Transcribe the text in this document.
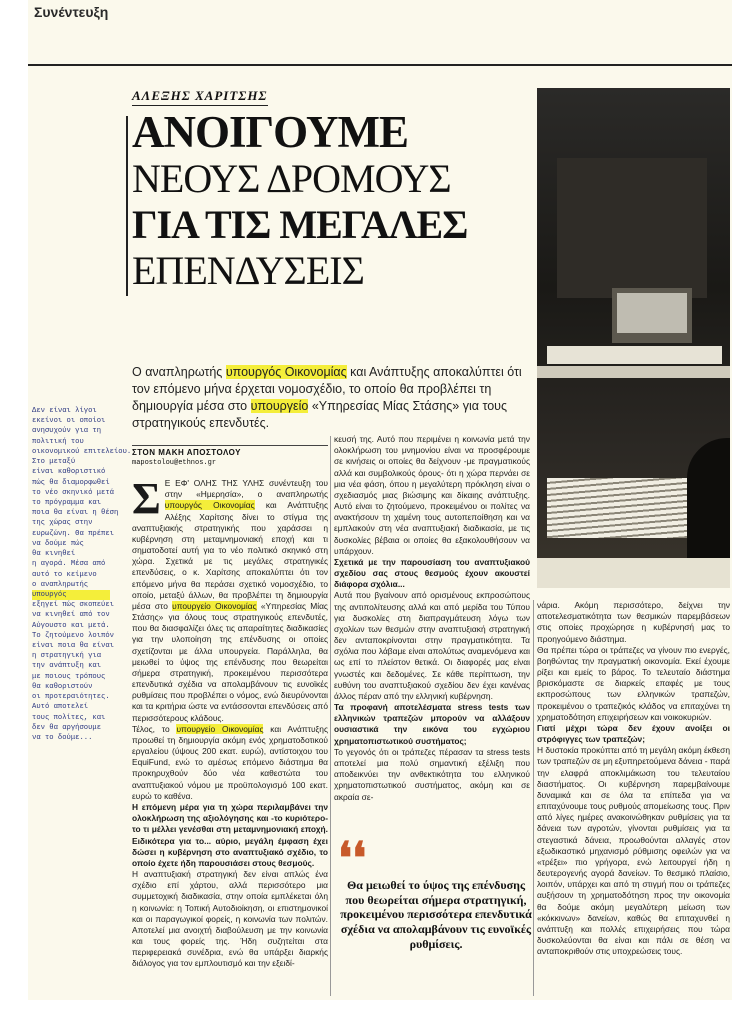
Συνέντευξη
ΑΛΕΞΗΣ ΧΑΡΙΤΣΗΣ
ΑΝΟΙΓΟΥΜΕ
ΝΕΟΥΣ ΔΡΟΜΟΥΣ
ΓΙΑ ΤΙΣ ΜΕΓΑΛΕΣ
ΕΠΕΝΔΥΣΕΙΣ
Ο αναπληρωτής υπουργός Οικονομίας και Ανάπτυξης αποκαλύπτει ότι τον επόμενο μήνα έρχεται νομοσχέδιο, το οποίο θα προβλέπει τη δημιουργία μέσα στο υπουργείο «Υπηρεσίας Μίας Στάσης» για τους στρατηγικούς επενδυτές.
Δεν είναι λίγοι
εκείνοι οι οποίοι
ανησυχούν για τη
πολιτική του
οικονομικού επιτελείου.
Στο μεταξύ
είναι καθοριστικό
πώς θα διαμορφωθεί
το νέο σκηνικό μετά
το πρόγραμμα και
ποια θα είναι η θέση
της χώρας στην
ευρωζώνη. Θα πρέπει
να δούμε πώς
θα κινηθεί
η αγορά. Μέσα από
αυτό το κείμενο
ο αναπληρωτής
υπουργός
εξηγεί πώς σκοπεύει
να κινηθεί από τον
Αύγουστο και μετά.
Το ζητούμενο λοιπόν
είναι ποια θα είναι
η στρατηγική για
την ανάπτυξη και
με ποιους τρόπους
θα καθοριστούν
οι προτεραιότητες.
Αυτό αποτελεί
τους πολίτες, και
δεν θα αργήσουμε
να το δούμε...
ΣΤΟΝ ΜΑΚΗ ΑΠΟΣΤΟΛΟΥ
mapostolou@ethnos.gr

Σ Ε ΕΦ' ΟΛΗΣ ΤΗΣ ΥΛΗΣ συνέντευξη του στην «Ημερησία», ο αναπληρωτής υπουργός Οικονομίας και Ανάπτυξης Αλέξης Χαρίτσης δίνει το στίγμα της αναπτυξιακής στρατηγικής που χαράσσει η κυβέρνηση στη μεταμνημονιακή εποχή και τι σηματοδοτεί αυτή για το νέο πολιτικό σκηνικό στη χώρα. Σχετικά με τις μεγάλες στρατηγικές επενδύσεις, ο κ. Χαρίτσης αποκαλύπτει ότι τον επόμενο μήνα θα περάσει σχετικό νομοσχέδιο, το οποίο, μεταξύ άλλων, θα προβλέπει τη δημιουργία μέσα στο υπουργείο Οικονομίας «Υπηρεσίας Μίας Στάσης» για όλους τους στρατηγικούς επενδυτές, που θα διασφαλίζει όλες τις απαραίτητες διαδικασίες για την υλοποίηση της επένδυσης οι οποίες σχετίζονται με άλλα υπουργεία. Παράλληλα, θα μειωθεί το ύψος της επένδυσης που θεωρείται σήμερα στρατηγική, προκειμένου περισσότερα επενδυτικά σχέδια να απολαμβάνουν τις ευνοϊκές ρυθμίσεις που προβλέπει ο νόμος, ενώ διευρύνονται και τα κριτήρια ώστε να εντάσσονται επενδύσεις από περισσότερους κλάδους.

Τέλος, το υπουργείο Οικονομίας και Ανάπτυξης προωθεί τη δημιουργία ακόμη ενός χρηματοδοτικού εργαλείου (ύψους 200 εκατ. ευρώ), αντίστοιχου του EquiFund, ενώ το αμέσως επόμενο διάστημα θα προκηρυχθούν δύο νέα καθεστώτα του αναπτυξιακού νόμου με προϋπολογισμό 100 εκατ. ευρώ το καθένα.

Η επόμενη μέρα για τη χώρα περιλαμβάνει την ολοκλήρωση της αξιολόγησης και -το κυριότερο- το τι μέλλει γενέσθαι στη μεταμνημονιακή εποχή. Ειδικότερα για το... αύριο, μεγάλη έμφαση έχει δώσει η κυβέρνηση στο αναπτυξιακό σχέδιο, το οποίο έχετε ήδη παρουσιάσει στους θεσμούς.

Η αναπτυξιακή στρατηγική δεν είναι απλώς ένα σχέδιο επί χάρτου, αλλά περισσότερο μια συμμετοχική διαδικασία, στην οποία εμπλέκεται όλη η κοινωνία: η Τοπική Αυτοδιοίκηση, οι επιστημονικοί και οι παραγωγικοί φορείς, η κοινωνία των πολιτών. Αποτελεί μια ανοιχτή διαβούλευση με την κοινωνία και τους φορείς της. Ήδη συζητείται στα περιφερειακά συνέδρια, ενώ θα υπάρξει διαρκής διάλογος για τον εμπλουτισμό και την εξειδί-

κευσή της. Αυτό που περιμένει η κοινωνία μετά την ολοκλήρωση του μνημονίου είναι να προσφέρουμε σε κινήσεις οι οποίες θα δείχνουν -με πραγματικούς αλλά και συμβολικούς όρους- ότι η χώρα περνάει σε μια νέα φάση, όπου η μεγαλύτερη πρόκληση είναι ο σχεδιασμός μιας βιώσιμης και δίκαιης ανάπτυξης. Αυτό είναι το ζητούμενο, προκειμένου οι πολίτες να ανακτήσουν τη χαμένη τους αυτοπεποίθηση και να εμπλακούν στη νέα αναπτυξιακή διαδικασία, με τις δυσκολίες βέβαια οι οποίες θα εξακολουθήσουν να υπάρχουν.

Σχετικά με την παρουσίαση του αναπτυξιακού σχεδίου σας στους θεσμούς έχουν ακουστεί διάφορα σχόλια...

Αυτά που βγαίνουν από ορισμένους εκπροσώπους της αντιπολίτευσης αλλά και από μερίδα του Τύπου για δυσκολίες στη διαπραγμάτευση λόγω των σχολίων των θεσμών στην αναπτυξιακή στρατηγική δεν ανταποκρίνονται στην πραγματικότητα. Τα σχόλια που λάβαμε είναι απολύτως αναμενόμενα και ως επί το πλείστον θετικά. Οι διαφορές μας είναι γνωστές και δεδομένες. Σε κάθε περίπτωση, την ευθύνη του αναπτυξιακού σχεδίου δεν έχει κανένας άλλος πέραν από την ελληνική κυβέρνηση.

Τα προφανή αποτελέσματα stress tests των ελληνικών τραπεζών μπορούν να αλλάξουν ουσιαστικά την εικόνα του εγχώριου χρηματοπιστωτικού συστήματος;

Το γεγονός ότι οι τράπεζες πέρασαν τα stress tests αποτελεί μια πολύ σημαντική εξέλιξη που αποδεικνύει την ανθεκτικότητα του ελληνικού χρηματοπιστωτικού συστήματος, ακόμη και σε ακραία σε-

❛❛
Θα μειωθεί το ύψος της επένδυσης που θεωρείται σήμερα στρατηγική, προκειμένου περισσότερα επενδυτικά σχέδια να απολαμβάνουν τις ευνοϊκές ρυθμίσεις.

νάρια. Ακόμη περισσότερο, δείχνει την αποτελεσματικότητα των θεσμικών παρεμβάσεων στις οποίες προχώρησε η κυβέρνησή μας το προηγούμενο διάστημα.

Θα πρέπει τώρα οι τράπεζες να γίνουν πιο ενεργές, βοηθώντας την πραγματική οικονομία. Εκεί έχουμε ρίξει και εμείς το βάρος. Το τελευταίο διάστημα βρισκόμαστε σε διαρκείς επαφές με τους εκπροσώπους των ελληνικών τραπεζών, προκειμένου ο τραπεζικός κλάδος να επιταχύνει τη χρηματοδότηση επιχειρήσεων και νοικοκυριών.

Γιατί μέχρι τώρα δεν έχουν ανοίξει οι στρόφιγγες των τραπεζών;

Η δυστοκία προκύπτει από τη μεγάλη ακόμη έκθεση των τραπεζών σε μη εξυπηρετούμενα δάνεια - παρά την ελαφρά αποκλιμάκωση του τελευταίου διαστήματος. Οι κυβέρνηση παρεμβαίνουμε δυναμικά και σε όλα τα επίπεδα για να επιταχύνουμε τους ρυθμούς απομείωσης τους. Πριν από λίγες ημέρες ανακοινώθηκαν ρυθμίσεις για τα δάνεια των αγροτών, γίνονται ρυθμίσεις για τα στεγαστικά δάνεια, προωθούνται αλλαγές στον εξωδικαστικό μηχανισμό ρύθμισης οφειλών για να «τρέξει» πιο γρήγορα, ενώ λειτουργεί ήδη η δευτερογενής αγορά δανείων. Το θεσμικό πλαίσιο, λοιπόν, υπάρχει και από τη στιγμή που οι τράπεζες αυξήσουν τη χρηματοδότηση προς την οικονομία θα δούμε ακόμη μεγαλύτερη μείωση των «κόκκινων» δανείων, καθώς θα επιταχυνθεί η ανάπτυξη και πολλές επιχειρήσεις που τώρα δυσκολεύονται θα είναι και πάλι σε θέση να ανταποκριθούν στις υποχρεώσεις τους.
